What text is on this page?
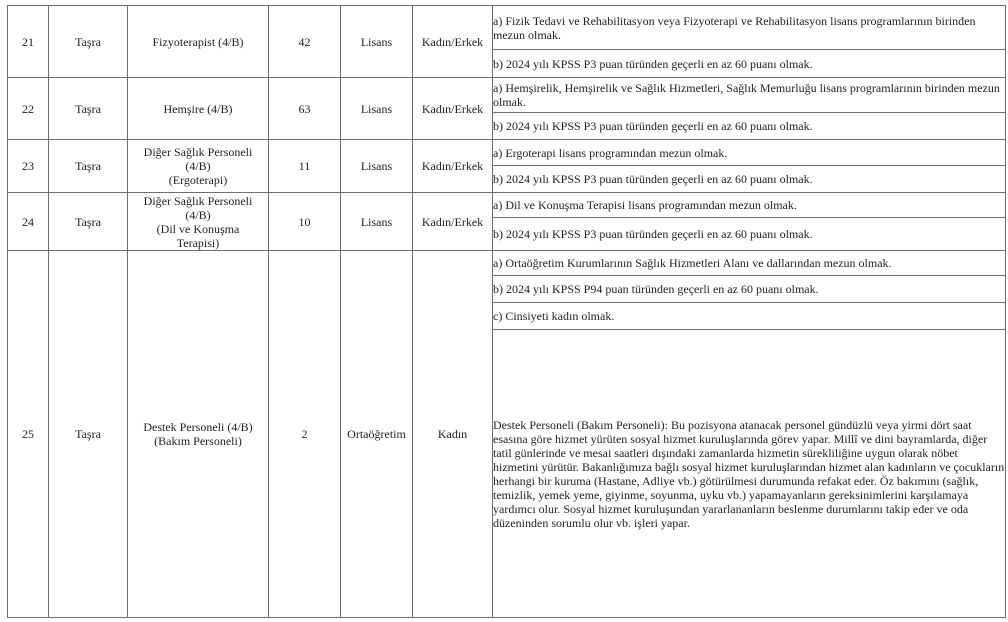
21	Taşra	Fizyoterapist (4/B)	42	Lisans	Kadın/Erkek	a) Fizik Tedavi ve Rehabilitasyon veya Fizyoterapi ve Rehabilitasyon lisans programlarının birinden mezun olmak.
						b) 2024 yılı KPSS P3 puan türünden geçerli en az 60 puanı olmak.
22	Taşra	Hemşire (4/B)	63	Lisans	Kadın/Erkek	a) Hemşirelik, Hemşirelik ve Sağlık Hizmetleri, Sağlık Memurluğu lisans programlarının birinden mezun olmak.
						b) 2024 yılı KPSS P3 puan türünden geçerli en az 60 puanı olmak.
23	Taşra	Diğer Sağlık Personeli
(4/B)
(Ergoterapi)	11	Lisans	Kadın/Erkek	a) Ergoterapi lisans programından mezun olmak.
						b) 2024 yılı KPSS P3 puan türünden geçerli en az 60 puanı olmak.
24	Taşra	Diğer Sağlık Personeli
(4/B)
(Dil ve Konuşma
Terapisi)	10	Lisans	Kadın/Erkek	a) Dil ve Konuşma Terapisi lisans programından mezun olmak.
						b) 2024 yılı KPSS P3 puan türünden geçerli en az 60 puanı olmak.
25	Taşra	Destek Personeli (4/B)
(Bakım Personeli)	2	Ortaöğretim	Kadın	a) Ortaöğretim Kurumlarının Sağlık Hizmetleri Alanı ve dallarından mezun olmak.
						b) 2024 yılı KPSS P94 puan türünden geçerli en az 60 puanı olmak.
						c) Cinsiyeti kadın olmak.
						Destek Personeli (Bakım Personeli): Bu pozisyona atanacak personel gündüzlü veya yirmi dört saat esasına göre hizmet yürüten sosyal hizmet kuruluşlarında görev yapar. Millî ve dini bayramlarda, diğer tatil günlerinde ve mesai saatleri dışındaki zamanlarda hizmetin sürekliliğine uygun olarak nöbet hizmetini yürütür. Bakanlığımıza bağlı sosyal hizmet kuruluşlarından hizmet alan kadınların ve çocukların herhangi bir kuruma (Hastane, Adliye vb.) götürülmesi durumunda refakat eder. Öz bakımını (sağlık, temizlik, yemek yeme, giyinme, soyunma, uyku vb.) yapamayanların gereksinimlerini karşılamaya yardımcı olur. Sosyal hizmet kuruluşundan yararlananların beslenme durumlarını takip eder ve oda düzeninden sorumlu olur vb. işleri yapar.
